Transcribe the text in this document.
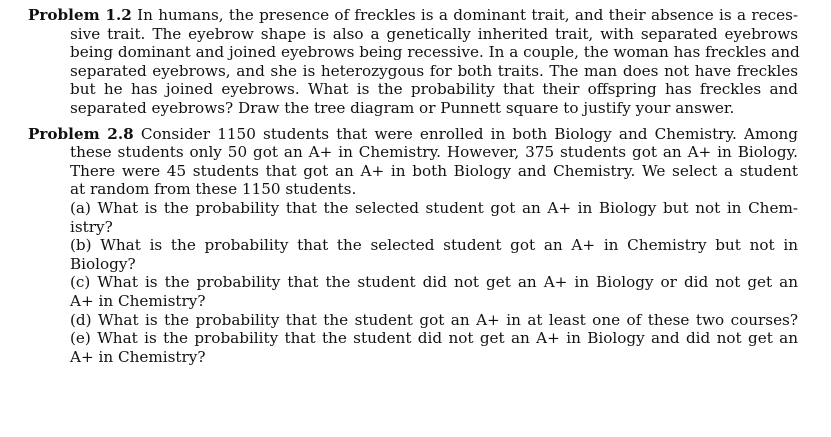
Problem 1.2 In humans, the presence of freckles is a dominant trait, and their absence is a reces-
sive trait. The eyebrow shape is also a genetically inherited trait, with separated eyebrows
being dominant and joined eyebrows being recessive. In a couple, the woman has freckles and
separated eyebrows, and she is heterozygous for both traits. The man does not have freckles
but he has joined eyebrows. What is the probability that their offspring has freckles and
separated eyebrows? Draw the tree diagram or Punnett square to justify your answer.
Problem 2.8 Consider 1150 students that were enrolled in both Biology and Chemistry. Among
these students only 50 got an A+ in Chemistry. However, 375 students got an A+ in Biology.
There were 45 students that got an A+ in both Biology and Chemistry. We select a student
at random from these 1150 students.
(a) What is the probability that the selected student got an A+ in Biology but not in Chem-
istry?
(b) What is the probability that the selected student got an A+ in Chemistry but not in
Biology?
(c) What is the probability that the student did not get an A+ in Biology or did not get an
A+ in Chemistry?
(d) What is the probability that the student got an A+ in at least one of these two courses?
(e) What is the probability that the student did not get an A+ in Biology and did not get an
A+ in Chemistry?
